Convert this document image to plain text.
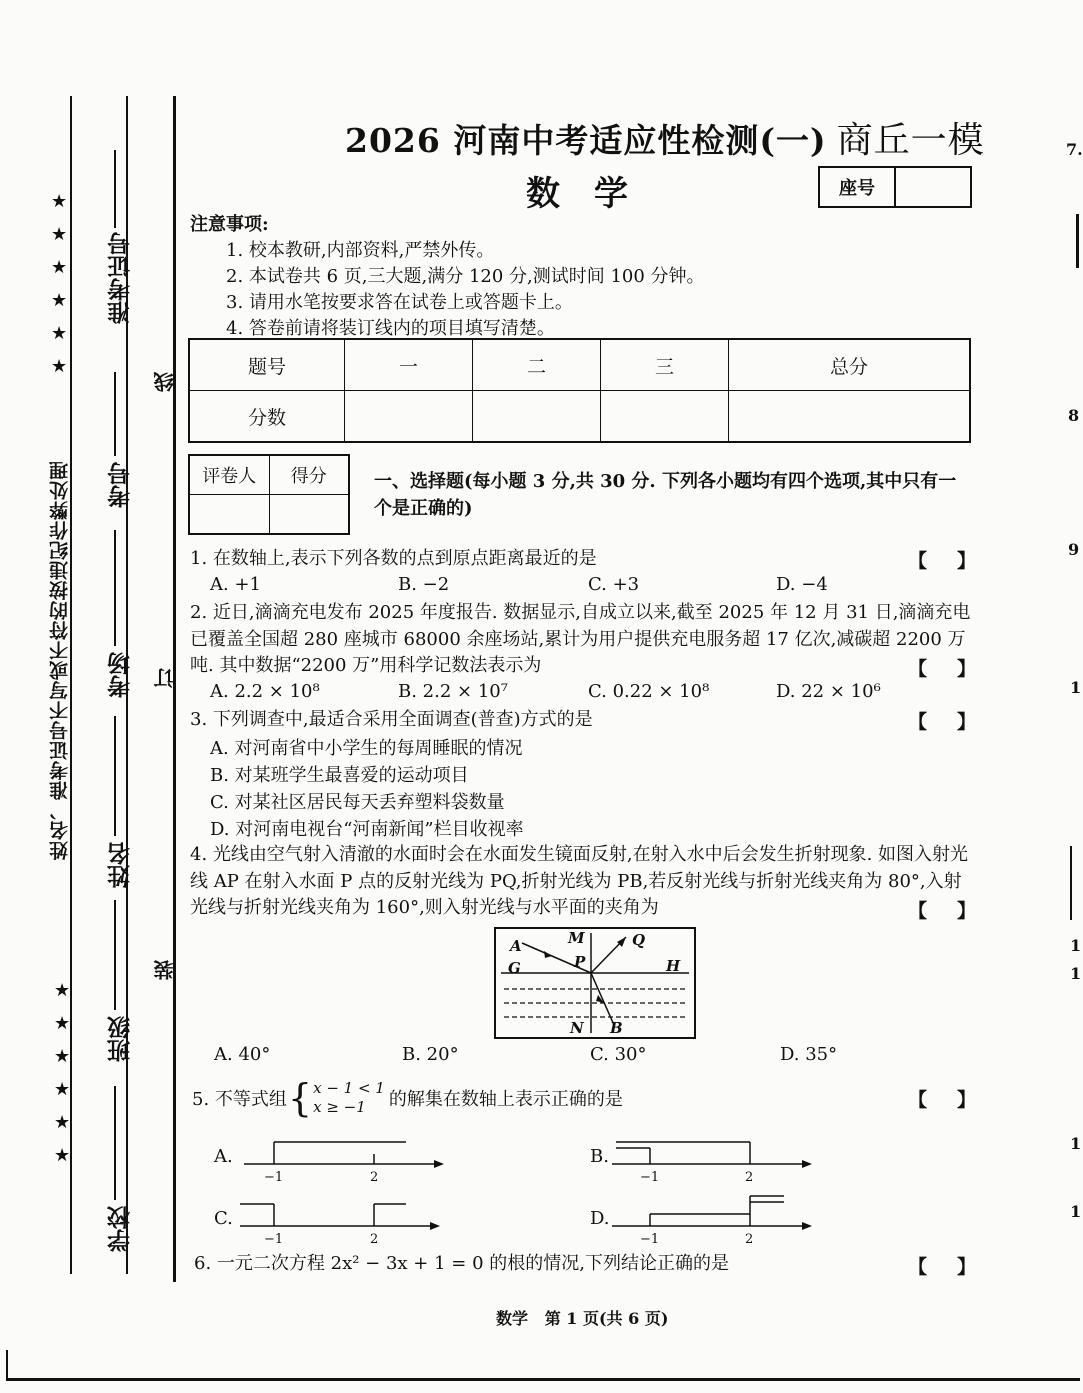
姓名、准考证号不写或不符的按违纪作弊处理
★
★
★
★
★
★
★
★
★
★
★
★
准考证号
考号
考场
姓名
班级
学校
线
订
装
2026 河南中考适应性检测(一) 商丘一模
数学	座号
注意事项:
1. 校本教研,内部资料,严禁外传。
2. 本试卷共 6 页,三大题,满分 120 分,测试时间 100 分钟。
3. 请用水笔按要求答在试卷上或答题卡上。
4. 答卷前请将装订线内的项目填写清楚。
题号	一	二	三	总分
分数				
评卷人	得分
		一、选择题(每小题 3 分,共 30 分. 下列各小题均有四个选项,其中只有一个是正确的)
1. 在数轴上,表示下列各数的点到原点距离最近的是	【】
A. +1	B. −2	C. +3	D. −4
2. 近日,滴滴充电发布 2025 年度报告. 数据显示,自成立以来,截至 2025 年 12 月 31 日,滴滴充电已覆盖全国超 280 座城市 68000 余座场站,累计为用户提供充电服务超 17 亿次,减碳超 2200 万吨. 其中数据“2200 万”用科学记数法表示为	【】
A. 2.2 × 10⁸	B. 2.2 × 10⁷	C. 0.22 × 10⁸	D. 22 × 10⁶
3. 下列调查中,最适合采用全面调查(普查)方式的是	【】
A. 对河南省中小学生的每周睡眠的情况
B. 对某班学生最喜爱的运动项目
C. 对某社区居民每天丢弃塑料袋数量
D. 对河南电视台“河南新闻”栏目收视率
4. 光线由空气射入清澈的水面时会在水面发生镜面反射,在射入水中后会发生折射现象. 如图入射光线 AP 在射入水面 P 点的反射光线为 PQ,折射光线为 PB,若反射光线与折射光线夹角为 80°,入射光线与折射光线夹角为 160°,则入射光线与水平面的夹角为	【】
A	M	Q
G	P	H
N B
A. 40°	B. 20°	C. 30°	D. 35°
5. 不等式组 { x − 1 < 1
x ≥ −1	的解集在数轴上表示正确的是	【】
A.
−1	2
B.
−1	2
C.
−1	2
D.
−1	2
6. 一元二次方程 2x² − 3x + 1 = 0 的根的情况,下列结论正确的是	【】
数学   第 1 页(共 6 页)
7.
8
9
1
1
1
1
1
